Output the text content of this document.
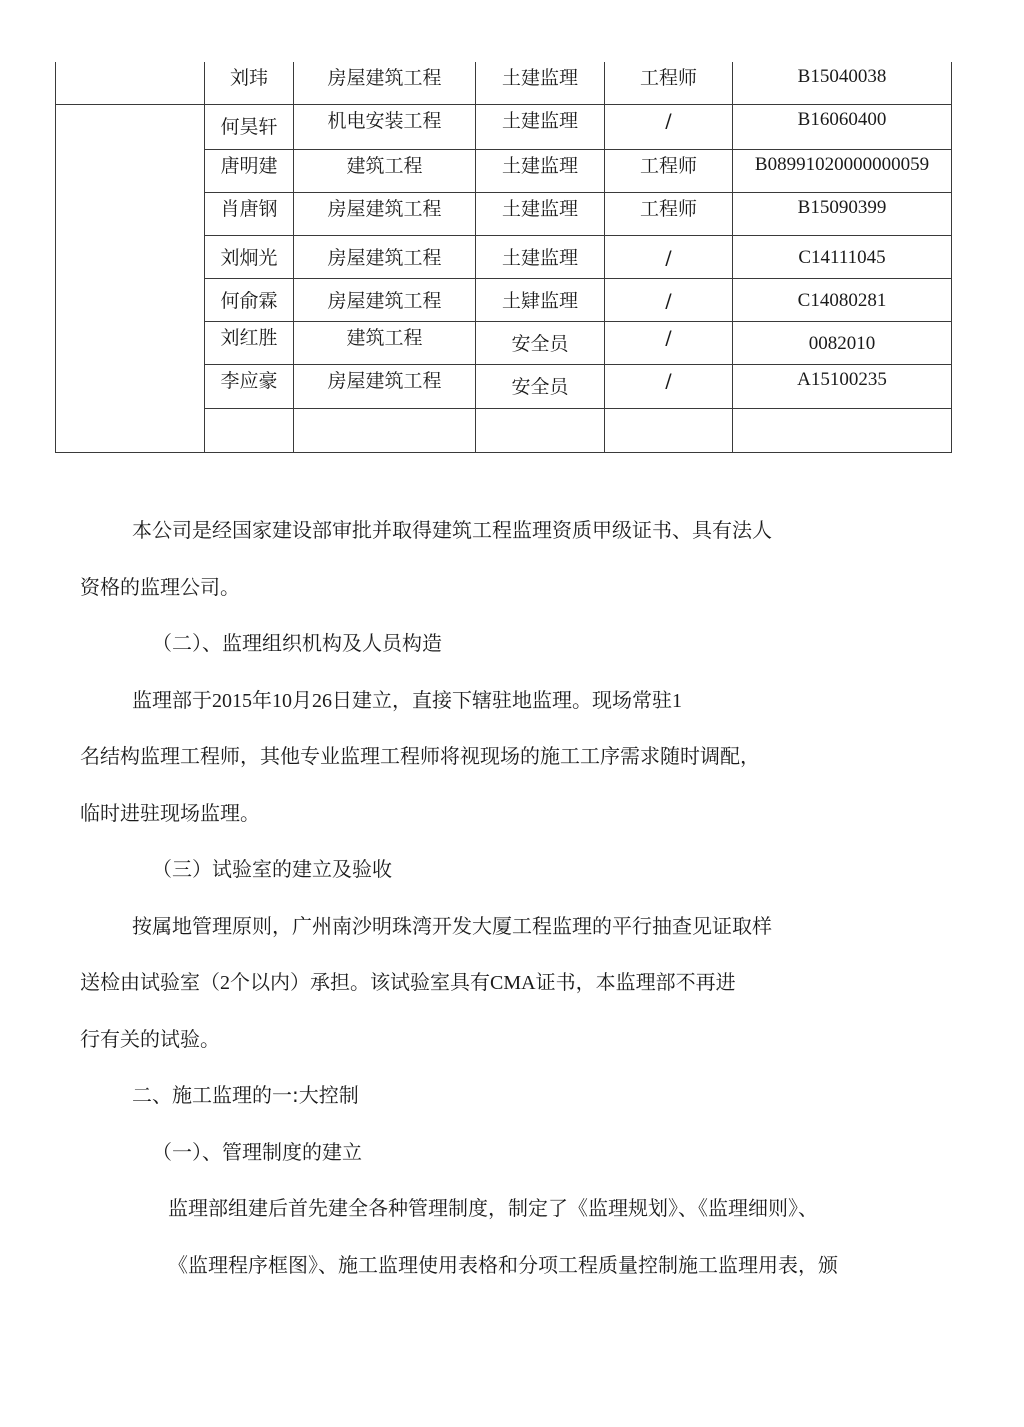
	刘玮	房屋建筑工程	土建监理	工程师	B15040038

	何昊轩	机电安装工程	土建监理	/	B16060400

	唐明建	建筑工程	土建监理	工程师	B08991020000000059

	肖唐钢	房屋建筑工程	土建监理	工程师	B15090399

	刘炯光	房屋建筑工程	土建监理	/	C14111045

	何俞霖	房屋建筑工程	土肄监理	/	C14080281

	刘红胜	建筑工程	安全员	/	0082010

	李应豪	房屋建筑工程	安全员	/	A15100235

本公司是经国家建设部审批并取得建筑工程监理资质甲级证书、具有法人

资格的监理公司。

（二）、监理组织机构及人员构造

监理部于2015年10月26日建立，直接下辖驻地监理。现场常驻1

名结构监理工程师，其他专业监理工程师将视现场的施工工序需求随时调配，

临时进驻现场监理。

（三）试验室的建立及验收

按属地管理原则，广州南沙明珠湾开发大厦工程监理的平行抽查见证取样

送检由试验室（2个以内）承担。该试验室具有CMA证书，本监理部不再进

行有关的试验。

二、施工监理的一:大控制

（一）、管理制度的建立

监理部组建后首先建全各种管理制度，制定了《监理规划》、《监理细则》、

《监理程序框图》、施工监理使用表格和分项工程质量控制施工监理用表，颁
